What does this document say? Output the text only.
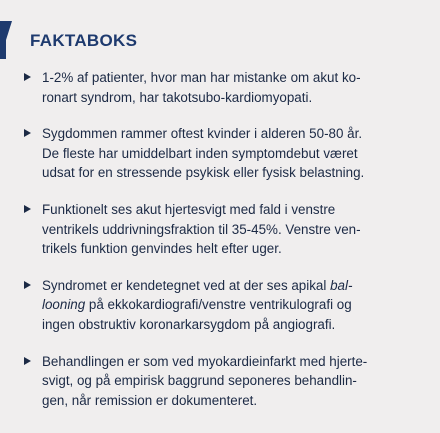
FAKTABOKS
1-2% af patienter, hvor man har mistanke om akut ko-
ronart syndrom, har takotsubo-kardiomyopati.
Sygdommen rammer oftest kvinder i alderen 50-80 år.
De fleste har umiddelbart inden symptomdebut været
udsat for en stressende psykisk eller fysisk belastning.
Funktionelt ses akut hjertesvigt med fald i venstre
ventrikels uddrivningsfraktion til 35-45%. Venstre ven-
trikels funktion genvindes helt efter uger.
Syndromet er kendetegnet ved at der ses apikal bal-
looning på ekkokardiografi/venstre ventrikulografi og
ingen obstruktiv koronarkarsygdom på angiografi.
Behandlingen er som ved myokardieinfarkt med hjerte-
svigt, og på empirisk baggrund seponeres behandlin-
gen, når remission er dokumenteret.
